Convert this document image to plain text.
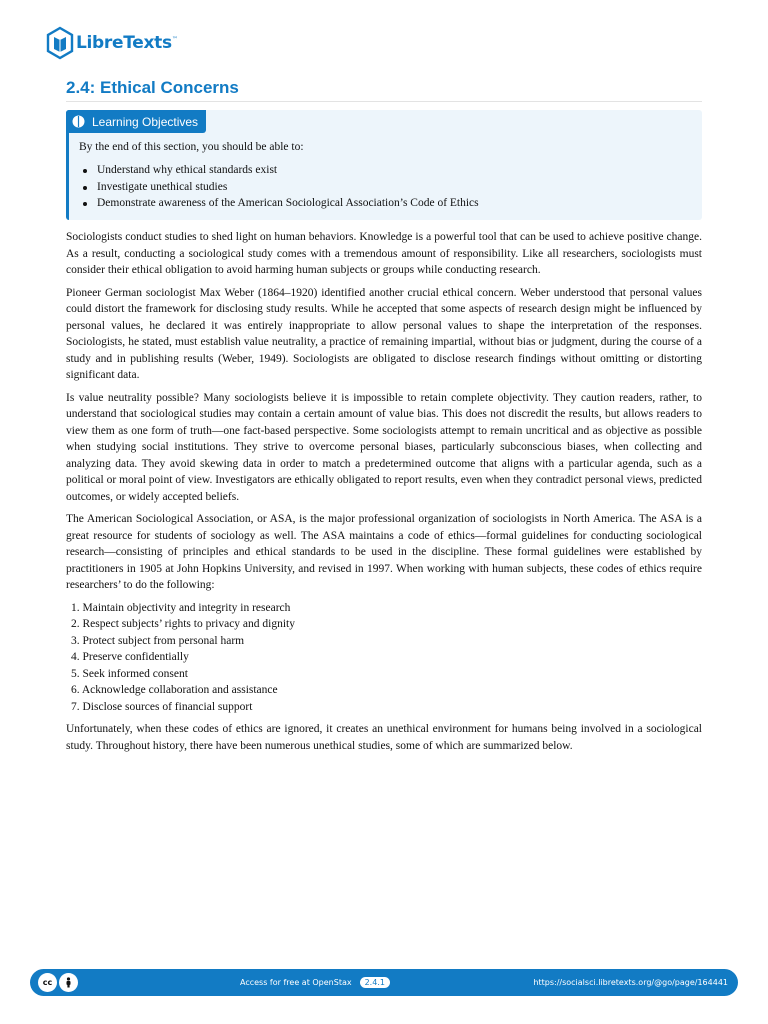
LibreTexts ™
2.4: Ethical Concerns
Learning Objectives
By the end of this section, you should be able to:
Understand why ethical standards exist
Investigate unethical studies
Demonstrate awareness of the American Sociological Association’s Code of Ethics

Sociologists conduct studies to shed light on human behaviors. Knowledge is a powerful tool that can be used to achieve positive change. As a result, conducting a sociological study comes with a tremendous amount of responsibility. Like all researchers, sociologists must consider their ethical obligation to avoid harming human subjects or groups while conducting research.

Pioneer German sociologist Max Weber (1864–1920) identified another crucial ethical concern. Weber understood that personal values could distort the framework for disclosing study results. While he accepted that some aspects of research design might be influenced by personal values, he declared it was entirely inappropriate to allow personal values to shape the interpretation of the responses. Sociologists, he stated, must establish value neutrality, a practice of remaining impartial, without bias or judgment, during the course of a study and in publishing results (Weber, 1949). Sociologists are obligated to disclose research findings without omitting or distorting significant data.

Is value neutrality possible? Many sociologists believe it is impossible to retain complete objectivity. They caution readers, rather, to understand that sociological studies may contain a certain amount of value bias. This does not discredit the results, but allows readers to view them as one form of truth—one fact-based perspective. Some sociologists attempt to remain uncritical and as objective as possible when studying social institutions. They strive to overcome personal biases, particularly subconscious biases, when collecting and analyzing data. They avoid skewing data in order to match a predetermined outcome that aligns with a particular agenda, such as a political or moral point of view. Investigators are ethically obligated to report results, even when they contradict personal views, predicted outcomes, or widely accepted beliefs.

The American Sociological Association, or ASA, is the major professional organization of sociologists in North America. The ASA is a great resource for students of sociology as well. The ASA maintains a code of ethics—formal guidelines for conducting sociological research—consisting of principles and ethical standards to be used in the discipline. These formal guidelines were established by practitioners in 1905 at John Hopkins University, and revised in 1997. When working with human subjects, these codes of ethics require researchers’ to do the following:

1. Maintain objectivity and integrity in research
2. Respect subjects’ rights to privacy and dignity
3. Protect subject from personal harm
4. Preserve confidentially
5. Seek informed consent
6. Acknowledge collaboration and assistance
7. Disclose sources of financial support

Unfortunately, when these codes of ethics are ignored, it creates an unethical environment for humans being involved in a sociological study. Throughout history, there have been numerous unethical studies, some of which are summarized below.

cc	Access for free at OpenStax	2.4.1	https://socialsci.libretexts.org/@go/page/164441
